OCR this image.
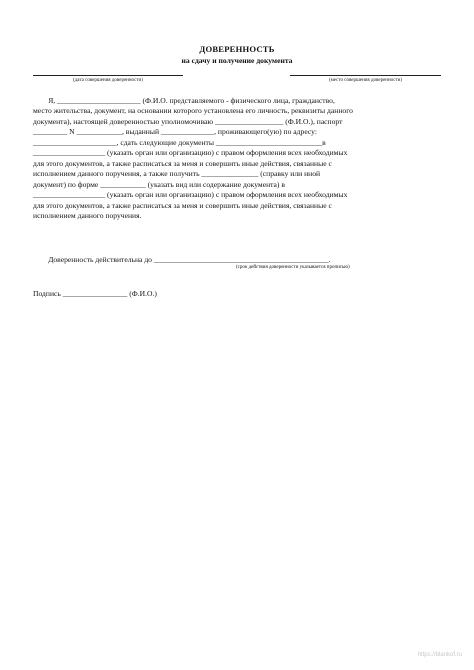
ДОВЕРЕННОСТЬ
на сдачу и получение документа
(дата совершения доверенности)	(место совершения доверенности)
Я, ______________________ (Ф.И.О. представляемого - физического лица, гражданство,
место жительства, документ, на основании которого установлена его личность, реквизиты данного
документа), настоящей доверенностью уполномочиваю __________________ (Ф.И.О.), паспорт
_________ N ____________, выданный ______________, проживающего(ую) по адресу:
______________________, сдать следующие документы ____________________________в
___________________ (указать орган или организацию) с правом оформления всех необходимых
для этого документов, а также расписаться за меня и совершить иные действия, связанные с
исполнением данного поручения, а также получить _______________ (справку или иной
документ) по форме ____________ (указать вид или содержание документа) в
___________________ (указать орган или организацию) с правом оформления всех необходимых
для этого документов, а также расписаться за меня и совершить иные действия, связанные с
исполнением данного поручения.
Доверенность действительна до ______________________________________________.
(срок действия доверенности указывается прописью)
Подпись _________________ (Ф.И.О.)
https://blankof.ru
